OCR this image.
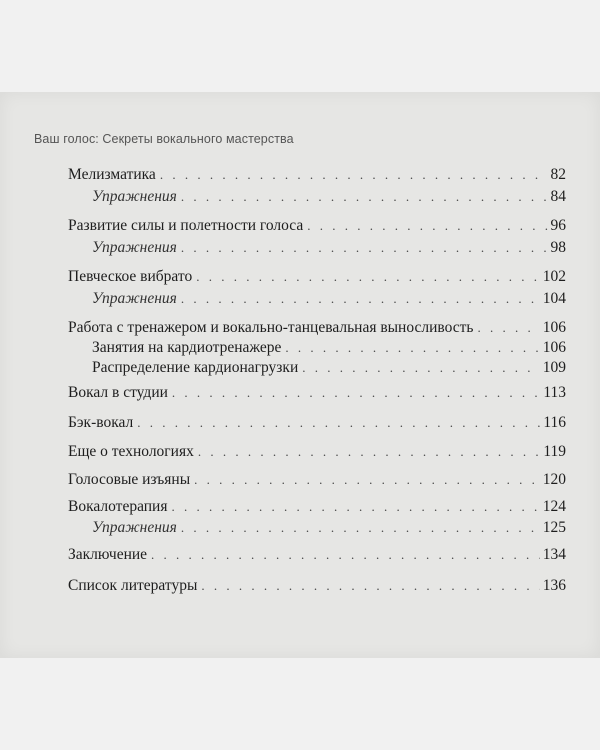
Ваш голос: Секреты вокального мастерства
Мелизматика . . .	82
Упражнения . . .	84
Развитие силы и полетности голоса . . .	96
Упражнения . . .	98
Певческое вибрато . . .	102
Упражнения . . .	104
Работа с тренажером и вокально-танцевальная выносливость . . .	106
Занятия на кардиотренажере . . .	106
Распределение кардионагрузки . . .	109
Вокал в студии . . .	113
Бэк-вокал . . .	116
Еще о технологиях . . .	119
Голосовые изъяны . . .	120
Вокалотерапия . . .	124
Упражнения . . .	125
Заключение . . .	134
Список литературы . . .	136
